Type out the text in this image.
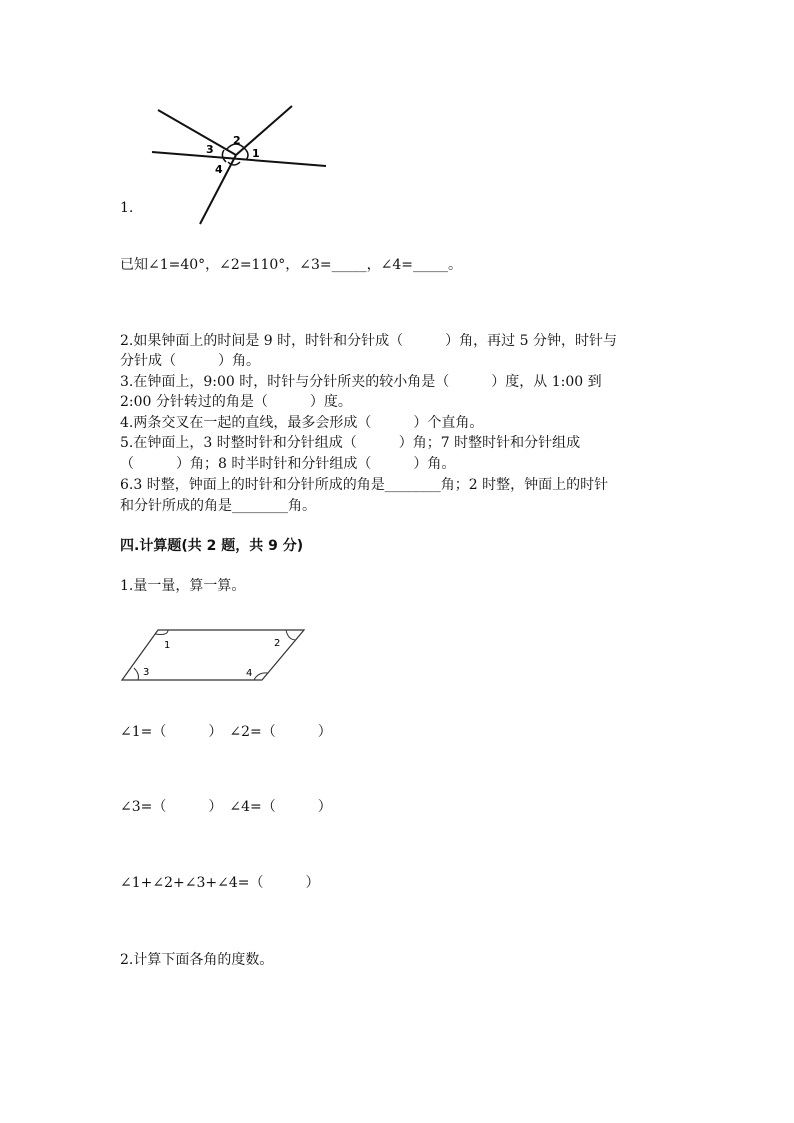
2
1
3
4
1.
已知∠1=40°，∠2=110°，∠3=_____，∠4=_____。
2.如果钟面上的时间是 9 时，时针和分针成（　　　）角，再过 5 分钟，时针与
分针成（　　　）角。
3.在钟面上，9:00 时，时针与分针所夹的较小角是（　　　）度，从 1:00 到
2:00 分针转过的角是（　　　）度。
4.两条交叉在一起的直线，最多会形成（　　　）个直角。
5.在钟面上，3 时整时针和分针组成（　　　）角；7 时整时针和分针组成
（　　　）角；8 时半时针和分针组成（　　　）角。
6.3 时整，钟面上的时针和分针所成的角是________角；2 时整，钟面上的时针
和分针所成的角是________角。
四.计算题(共 2 题，共 9 分)
1.量一量，算一算。
1	2
3	4
∠1=（　　　）　∠2=（　　　）
∠3=（　　　）　∠4=（　　　）
∠1+∠2+∠3+∠4=（　　　）
2.计算下面各角的度数。
